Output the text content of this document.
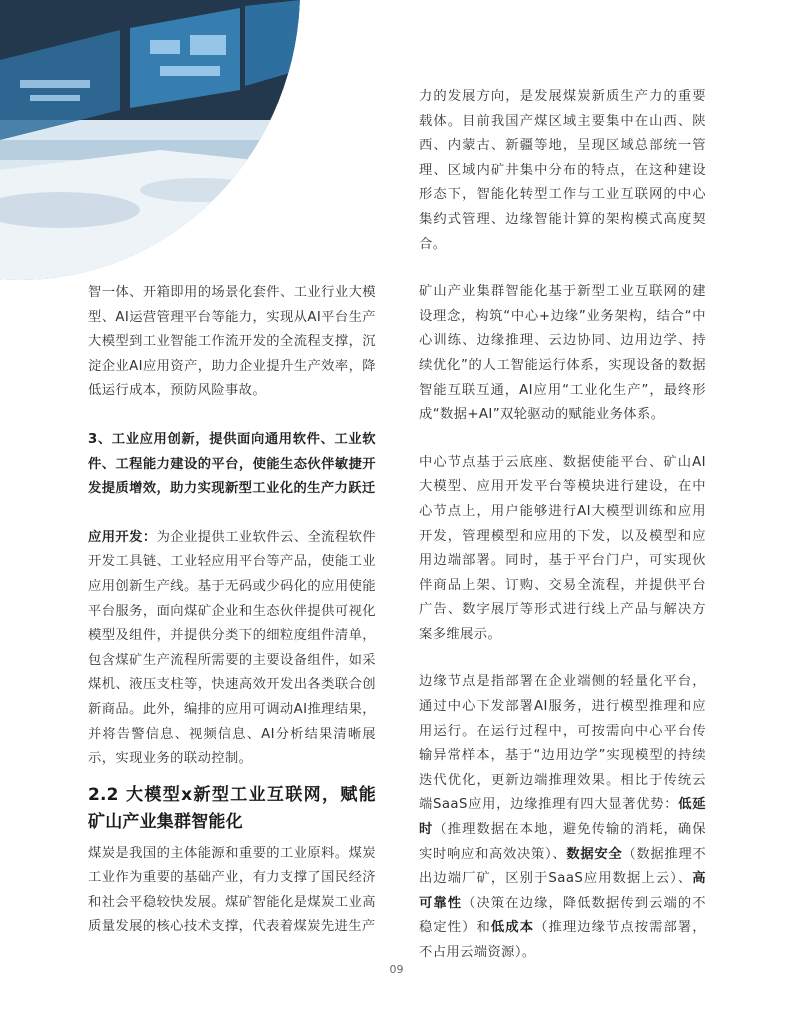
智一体、开箱即用的场景化套件、工业行业大模型、AI运营管理平台等能力，实现从AI平台生产大模型到工业智能工作流开发的全流程支撑，沉淀企业AI应用资产，助力企业提升生产效率，降低运行成本，预防风险事故。

3、工业应用创新，提供面向通用软件、工业软件、工程能力建设的平台，使能生态伙伴敏捷开发提质增效，助力实现新型工业化的生产力跃迁

应用开发：为企业提供工业软件云、全流程软件开发工具链、工业轻应用平台等产品，使能工业应用创新生产线。基于无码或少码化的应用使能平台服务，面向煤矿企业和生态伙伴提供可视化模型及组件，并提供分类下的细粒度组件清单，包含煤矿生产流程所需要的主要设备组件，如采煤机、液压支柱等，快速高效开发出各类联合创新商品。此外，编排的应用可调动AI推理结果，并将告警信息、视频信息、AI分析结果清晰展示，实现业务的联动控制。

2.2 大模型x新型工业互联网，赋能矿山产业集群智能化

煤炭是我国的主体能源和重要的工业原料。煤炭工业作为重要的基础产业，有力支撑了国民经济和社会平稳较快发展。煤矿智能化是煤炭工业高质量发展的核心技术支撑，代表着煤炭先进生产

力的发展方向，是发展煤炭新质生产力的重要载体。目前我国产煤区域主要集中在山西、陕西、内蒙古、新疆等地，呈现区域总部统一管理、区域内矿井集中分布的特点，在这种建设形态下，智能化转型工作与工业互联网的中心集约式管理、边缘智能计算的架构模式高度契合。

矿山产业集群智能化基于新型工业互联网的建设理念，构筑“中心+边缘”业务架构，结合“中心训练、边缘推理、云边协同、边用边学、持续优化”的人工智能运行体系，实现设备的数据智能互联互通，AI应用“工业化生产”，最终形成“数据+AI”双轮驱动的赋能业务体系。

中心节点基于云底座、数据使能平台、矿山AI大模型、应用开发平台等模块进行建设，在中心节点上，用户能够进行AI大模型训练和应用开发，管理模型和应用的下发，以及模型和应用边端部署。同时，基于平台门户，可实现伙伴商品上架、订购、交易全流程，并提供平台广告、数字展厅等形式进行线上产品与解决方案多维展示。

边缘节点是指部署在企业端侧的轻量化平台，通过中心下发部署AI服务，进行模型推理和应用运行。在运行过程中，可按需向中心平台传输异常样本，基于“边用边学”实现模型的持续迭代优化，更新边端推理效果。相比于传统云端SaaS应用，边缘推理有四大显著优势：低延时（推理数据在本地，避免传输的消耗，确保实时响应和高效决策）、数据安全（数据推理不出边端厂矿，区别于SaaS应用数据上云）、高可靠性（决策在边缘，降低数据传到云端的不稳定性）和低成本（推理边缘节点按需部署，不占用云端资源）。

09
